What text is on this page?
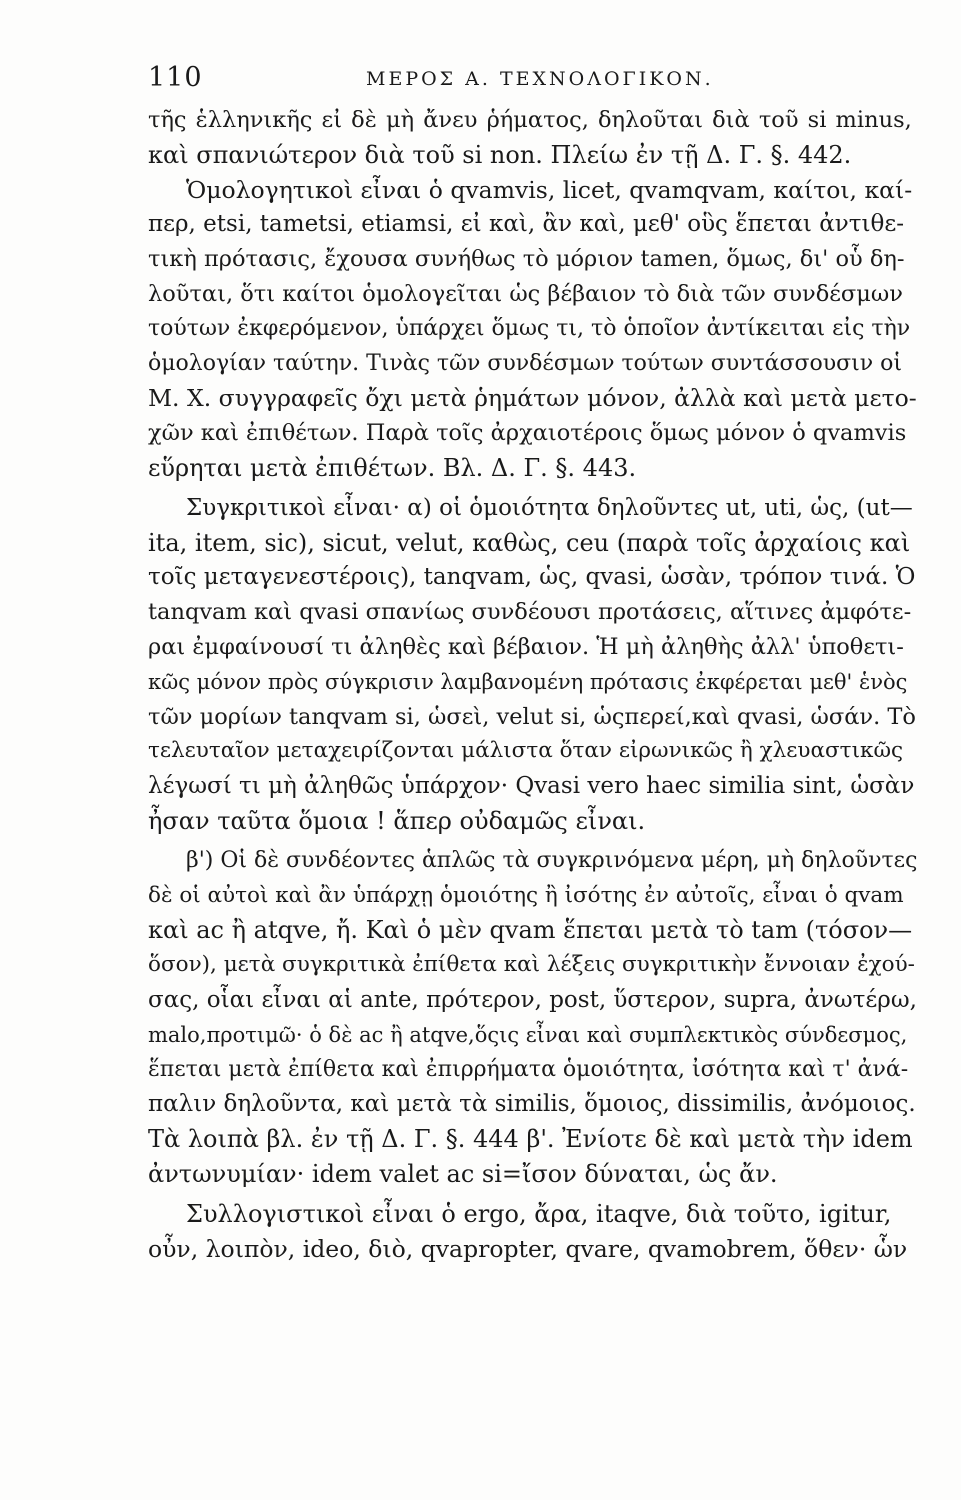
110	ΜΕΡΟΣ Α. ΤΕΧΝΟΛΟΓΙΚΟΝ.
τῆς ἑλληνικῆς εἰ δὲ μὴ ἄνευ ῥήματος, δηλοῦται διὰ τοῦ si minus,
καὶ σπανιώτερον διὰ τοῦ si non. Πλείω ἐν τῇ Δ. Γ. §. 442.
Ὁμολογητικοὶ εἶναι ὁ qvamvis, licet, qvamqvam, καίτοι, καί-
περ, etsi, tametsi, etiamsi, εἰ καὶ, ἂν καὶ, μεθ' οὓς ἕπεται ἀντιθε-
τικὴ πρότασις, ἔχουσα συνήθως τὸ μόριον tamen, ὅμως, δι' οὗ δη-
λοῦται, ὅτι καίτοι ὁμολογεῖται ὡς βέβαιον τὸ διὰ τῶν συνδέσμων
τούτων ἐκφερόμενον, ὑπάρχει ὅμως τι, τὸ ὁποῖον ἀντίκειται εἰς τὴν
ὁμολογίαν ταύτην. Τινὰς τῶν συνδέσμων τούτων συντάσσουσιν οἱ
Μ. Χ. συγγραφεῖς ὄχι μετὰ ῥημάτων μόνον, ἀλλὰ καὶ μετὰ μετο-
χῶν καὶ ἐπιθέτων. Παρὰ τοῖς ἀρχαιοτέροις ὅμως μόνον ὁ qvamvis
εὕρηται μετὰ ἐπιθέτων. Βλ. Δ. Γ. §. 443.
Συγκριτικοὶ εἶναι· α) οἱ ὁμοιότητα δηλοῦντες ut, uti, ὡς, (ut—
ita, item, sic), sicut, velut, καθὼς, ceu (παρὰ τοῖς ἀρχαίοις καὶ
τοῖς μεταγενεστέροις), tanqvam, ὡς, qvasi, ὡσὰν, τρόπον τινά. Ὁ
tanqvam καὶ qvasi σπανίως συνδέουσι προτάσεις, αἵτινες ἀμφότε-
ραι ἐμφαίνουσί τι ἀληθὲς καὶ βέβαιον. Ἡ μὴ ἀληθὴς ἀλλ' ὑποθετι-
κῶς μόνον πρὸς σύγκρισιν λαμβανομένη πρότασις ἐκφέρεται μεθ' ἑνὸς
τῶν μορίων tanqvam si, ὡσεὶ, velut si, ὡςπερεί,καὶ qvasi, ὡσάν. Τὸ
τελευταῖον μεταχειρίζονται μάλιστα ὅταν εἰρωνικῶς ἢ χλευαστικῶς
λέγωσί τι μὴ ἀληθῶς ὑπάρχον· Qvasi vero haec similia sint, ὡσὰν
ἦσαν ταῦτα ὅμοια ! ἅπερ οὐδαμῶς εἶναι.
β') Οἱ δὲ συνδέοντες ἁπλῶς τὰ συγκρινόμενα μέρη, μὴ δηλοῦντες
δὲ οἱ αὐτοὶ καὶ ἂν ὑπάρχῃ ὁμοιότης ἢ ἰσότης ἐν αὐτοῖς, εἶναι ὁ qvam
καὶ ac ἢ atqve, ἤ. Καὶ ὁ μὲν qvam ἕπεται μετὰ τὸ tam (τόσον—
ὅσον), μετὰ συγκριτικὰ ἐπίθετα καὶ λέξεις συγκριτικὴν ἔννοιαν ἐχού-
σας, οἷαι εἶναι αἱ ante, πρότερον, post, ὕστερον, supra, ἀνωτέρω,
malo,προτιμῶ· ὁ δὲ ac ἢ atqve,ὅςις εἶναι καὶ συμπλεκτικὸς σύνδεσμος,
ἕπεται μετὰ ἐπίθετα καὶ ἐπιρρήματα ὁμοιότητα, ἰσότητα καὶ τ' ἀνά-
παλιν δηλοῦντα, καὶ μετὰ τὰ similis, ὅμοιος, dissimilis, ἀνόμοιος.
Τὰ λοιπὰ βλ. ἐν τῇ Δ. Γ. §. 444 β'. Ἐνίοτε δὲ καὶ μετὰ τὴν idem
ἀντωνυμίαν· idem valet ac si=ἴσον δύναται, ὡς ἄν.
Συλλογιστικοὶ εἶναι ὁ ergo, ἄρα, itaqve, διὰ τοῦτο, igitur,
οὖν, λοιπὸν, ideo, διὸ, qvapropter, qvare, qvamobrem, ὅθεν· ὧν
